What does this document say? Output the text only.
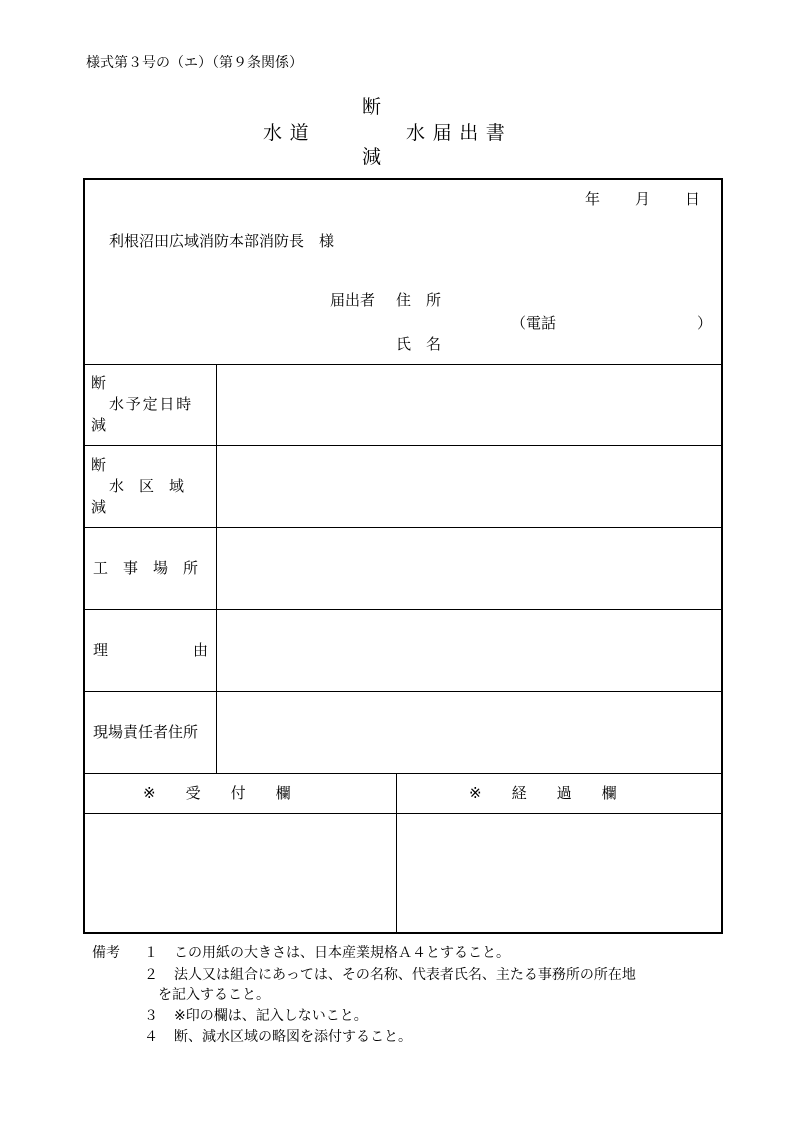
様式第３号の（エ）（第９条関係）
断
水道	水届出書
減
年 月 日
利根沼田広域消防本部消防長　様
届出者 住　所
（電話	）
氏　名
断
水予定日時
減
断
水　区　域
減
工　事　場　所
理	由
現場責任者住所
※　　受　　付　　欄	※　　経　　過　　欄
備考 １ この用紙の大きさは、日本産業規格Ａ４とすること。
２ 法人又は組合にあっては、その名称、代表者氏名、主たる事務所の所在地
を記入すること。
３ ※印の欄は、記入しないこと。
４ 断、減水区域の略図を添付すること。
